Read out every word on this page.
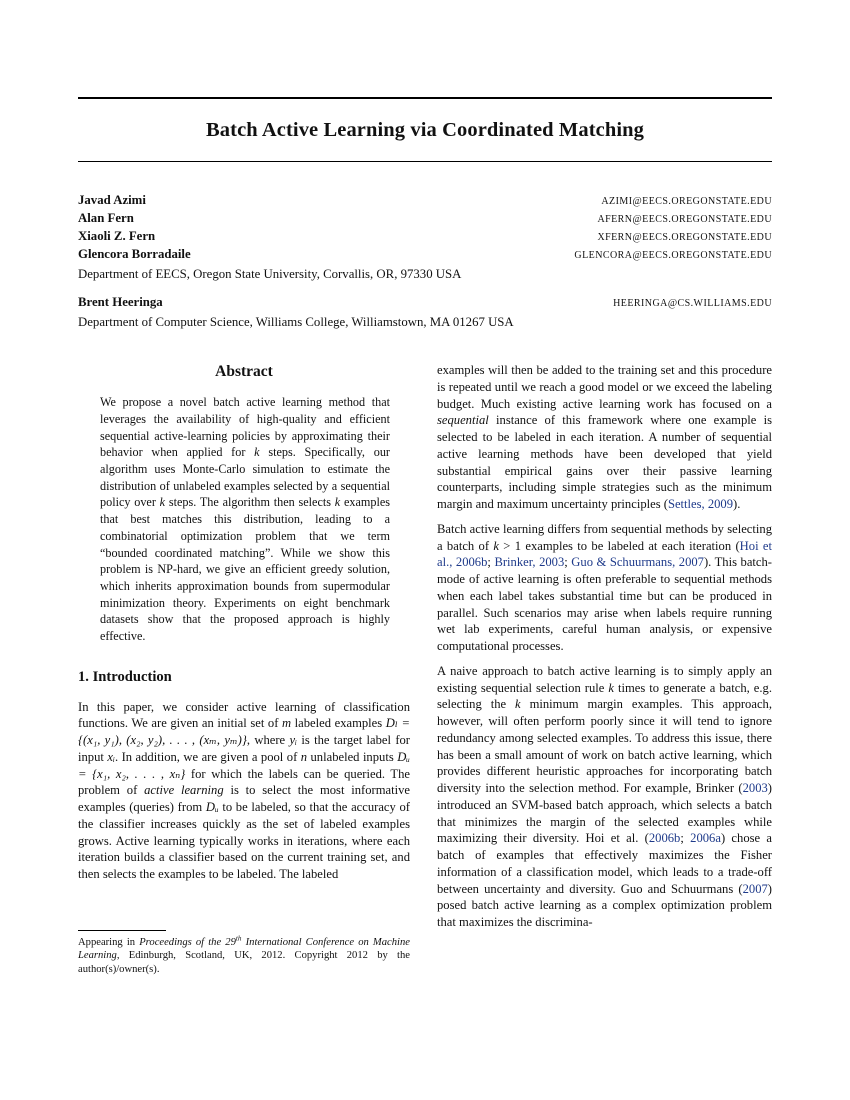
Batch Active Learning via Coordinated Matching
Javad Azimi	AZIMI@EECS.OREGONSTATE.EDU
Alan Fern	AFERN@EECS.OREGONSTATE.EDU
Xiaoli Z. Fern	XFERN@EECS.OREGONSTATE.EDU
Glencora Borradaile	GLENCORA@EECS.OREGONSTATE.EDU
Department of EECS, Oregon State University, Corvallis, OR, 97330 USA
Brent Heeringa	HEERINGA@CS.WILLIAMS.EDU
Department of Computer Science, Williams College, Williamstown, MA 01267 USA
Abstract

We propose a novel batch active learning method that leverages the availability of high-quality and efficient sequential active-learning policies by approximating their behavior when applied for k steps. Specifically, our algorithm uses Monte-Carlo simulation to estimate the distribution of unlabeled examples selected by a sequential policy over k steps. The algorithm then selects k examples that best matches this distribution, leading to a combinatorial optimization problem that we term “bounded coordinated matching”. While we show this problem is NP-hard, we give an efficient greedy solution, which inherits approximation bounds from supermodular minimization theory. Experiments on eight benchmark datasets show that the proposed approach is highly effective.

1. Introduction

In this paper, we consider active learning of classification functions. We are given an initial set of m labeled examples Dₗ = {(x₁, y₁), (x₂, y₂), . . . , (xₘ, yₘ)}, where yᵢ is the target label for input xᵢ. In addition, we are given a pool of n unlabeled inputs Dᵤ = {x₁, x₂, . . . , xₙ} for which the labels can be queried. The problem of active learning is to select the most informative examples (queries) from Dᵤ to be labeled, so that the accuracy of the classifier increases quickly as the set of labeled examples grows. Active learning typically works in iterations, where each iteration builds a classifier based on the current training set, and then selects the examples to be labeled. The labeled

Appearing in Proceedings of the 29th International Conference on Machine Learning, Edinburgh, Scotland, UK, 2012. Copyright 2012 by the author(s)/owner(s).

examples will then be added to the training set and this procedure is repeated until we reach a good model or we exceed the labeling budget. Much existing active learning work has focused on a sequential instance of this framework where one example is selected to be labeled in each iteration. A number of sequential active learning methods have been developed that yield substantial empirical gains over their passive learning counterparts, including simple strategies such as the minimum margin and maximum uncertainty principles (Settles, 2009).

Batch active learning differs from sequential methods by selecting a batch of k > 1 examples to be labeled at each iteration (Hoi et al., 2006b; Brinker, 2003; Guo & Schuurmans, 2007). This batch-mode of active learning is often preferable to sequential methods when each label takes substantial time but can be produced in parallel. Such scenarios may arise when labels require running wet lab experiments, careful human analysis, or expensive computational processes.

A naive approach to batch active learning is to simply apply an existing sequential selection rule k times to generate a batch, e.g. selecting the k minimum margin examples. This approach, however, will often perform poorly since it will tend to ignore redundancy among selected examples. To address this issue, there has been a small amount of work on batch active learning, which provides different heuristic approaches for incorporating batch diversity into the selection method. For example, Brinker (2003) introduced an SVM-based batch approach, which selects a batch that minimizes the margin of the selected examples while maximizing their diversity. Hoi et al. (2006b; 2006a) chose a batch of examples that effectively maximizes the Fisher information of a classification model, which leads to a trade-off between uncertainty and diversity. Guo and Schuurmans (2007) posed batch active learning as a complex optimization problem that maximizes the discrimina-
